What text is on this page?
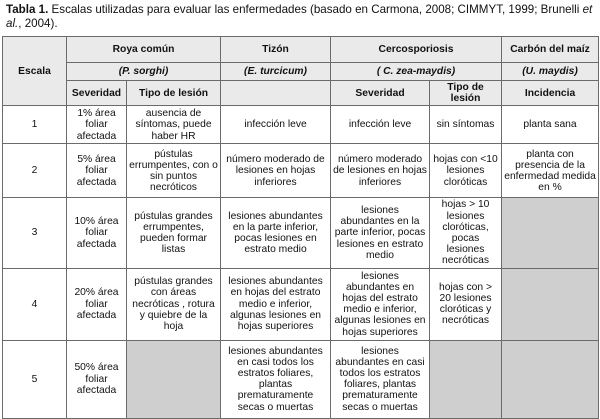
Tabla 1. Escalas utilizadas para evaluar las enfermedades (basado en Carmona, 2008; CIMMYT, 1999; Brunelli et al., 2004).
Escala	Roya común		Tizón	Cercosporiosis		Carbón del maíz
	(P. sorghi)		(E. turcicum)	( C. zea-maydis)		(U. maydis)
	Severidad	Tipo de lesión		Severidad	Tipo de lesión	Incidencia
1	1% área foliar afectada	ausencia de síntomas, puede haber HR	infección leve	infección leve	sin síntomas	planta sana
2	5% área foliar afectada	pústulas errumpentes, con o sin puntos necróticos	número moderado de lesiones en hojas inferiores	número moderado de lesiones en hojas inferiores	hojas con <10 lesiones cloróticas	planta con presencia de la enfermedad medida en %
3	10% área foliar afectada	pústulas grandes errumpentes, pueden formar listas	lesiones abundantes en la parte inferior, pocas lesiones en estrato medio	lesiones abundantes en la parte inferior, pocas lesiones en estrato medio	hojas > 10 lesiones cloróticas, pocas lesiones necróticas	
4	20% área foliar afectada	pústulas grandes con áreas necróticas , rotura y quiebre de la hoja	lesiones abundantes en hojas del estrato medio e inferior, algunas lesiones en hojas superiores	lesiones abundantes en hojas del estrato medio e inferior, algunas lesiones en hojas superiores	hojas con > 20 lesiones cloróticas y necróticas	
5	50% área foliar afectada		lesiones abundantes en casi todos los estratos foliares, plantas prematuramente secas o muertas	lesiones abundantes en casi todos los estratos foliares, plantas prematuramente secas o muertas		
